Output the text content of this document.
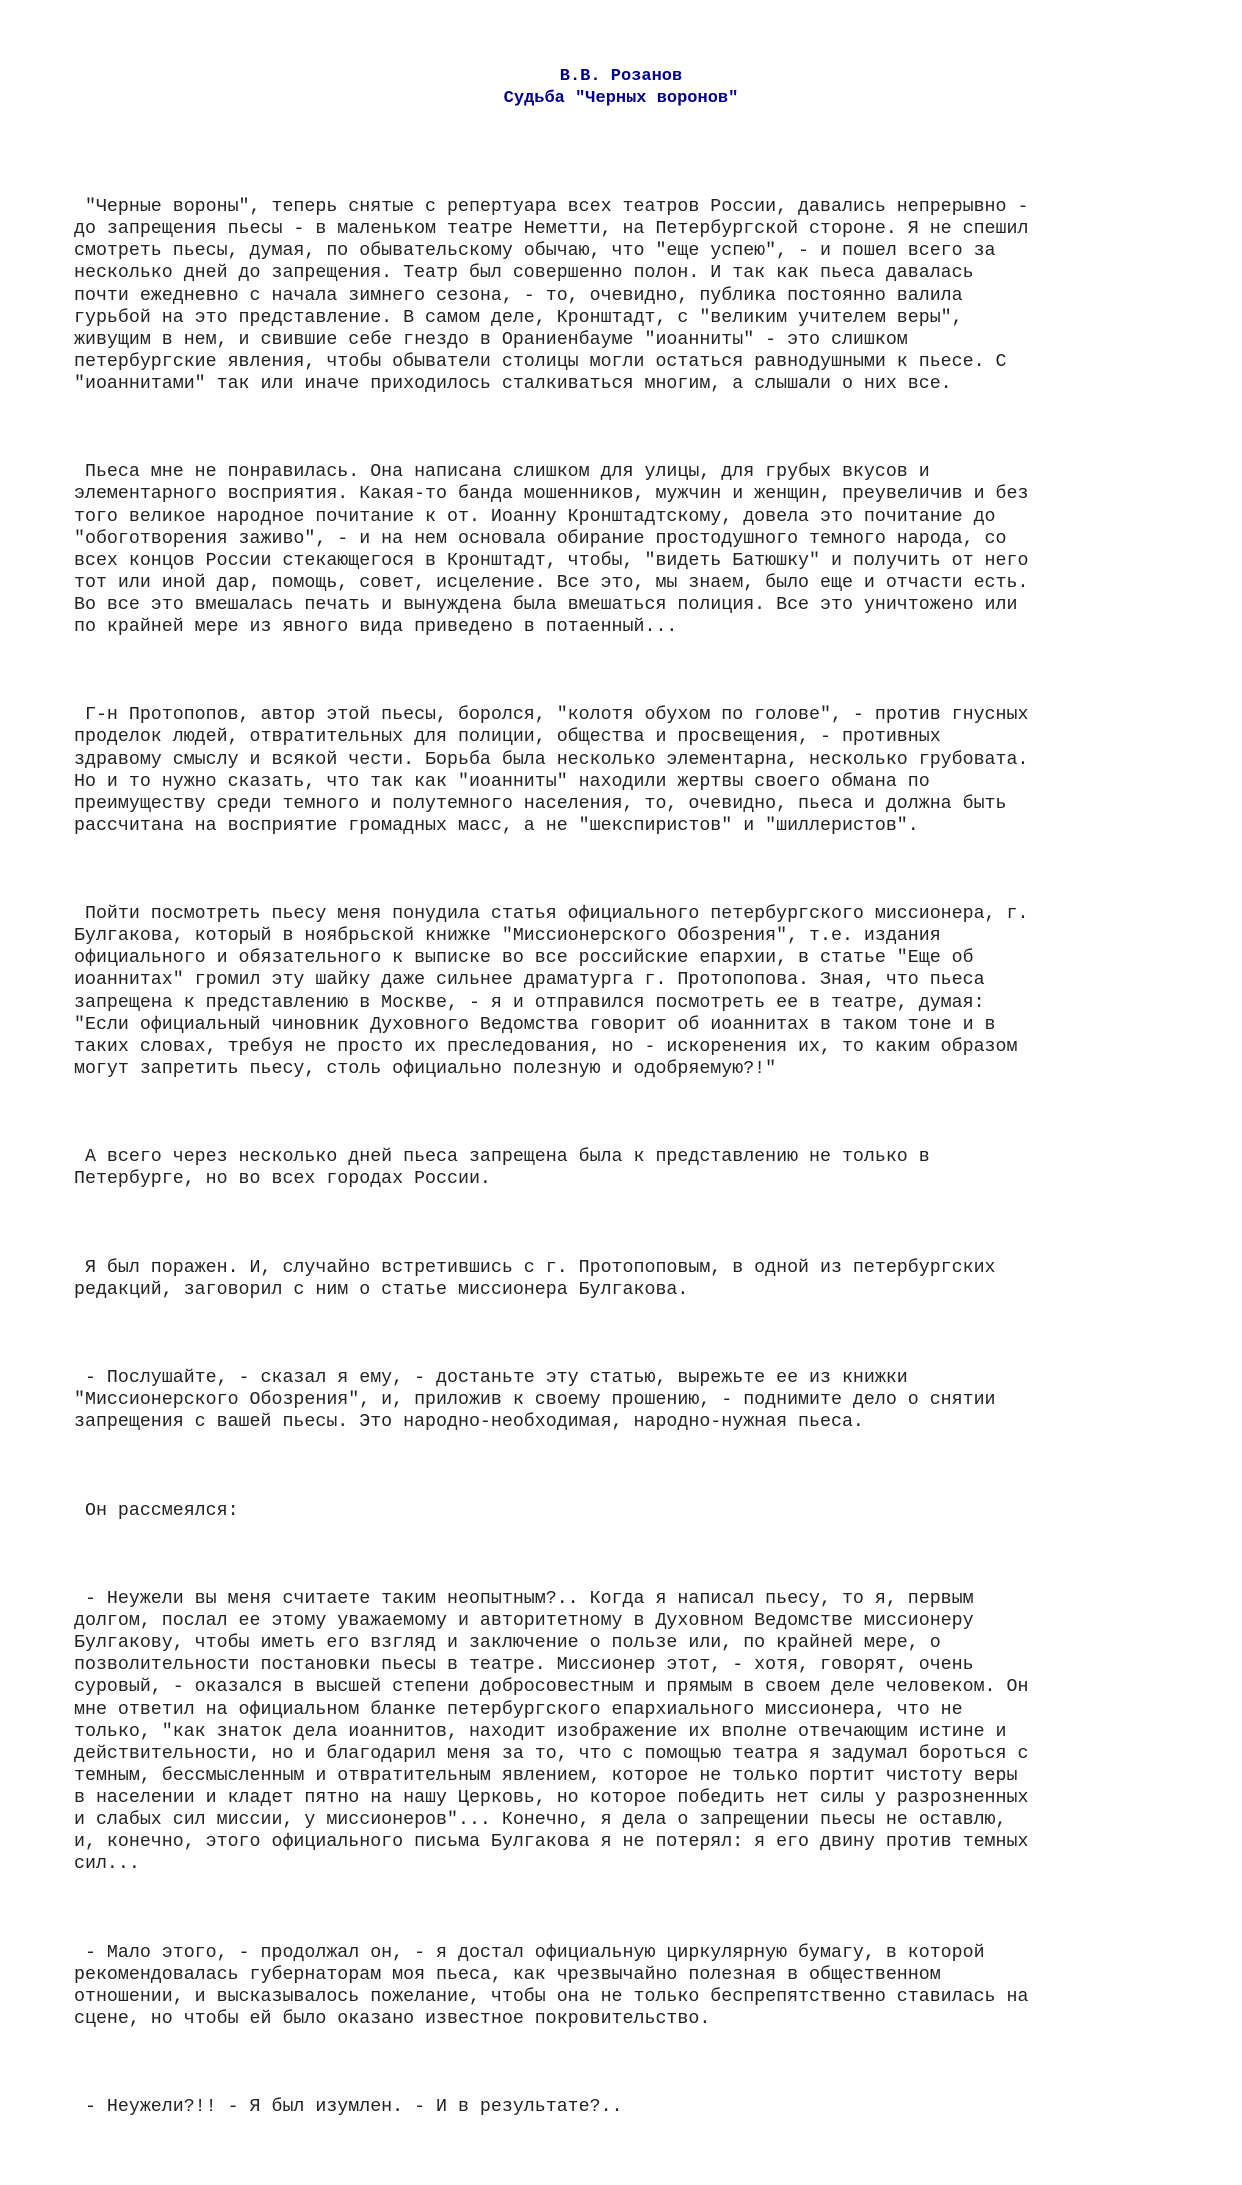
В.В. Розанов
Судьба "Черных воронов"

"Черные вороны", теперь снятые с репертуара всех театров России, давались непрерывно -
до запрещения пьесы - в маленьком театре Неметти, на Петербургской стороне. Я не спешил
смотреть пьесы, думая, по обывательскому обычаю, что "еще успею", - и пошел всего за
несколько дней до запрещения. Театр был совершенно полон. И так как пьеса давалась
почти ежедневно с начала зимнего сезона, - то, очевидно, публика постоянно валила
гурьбой на это представление. В самом деле, Кронштадт, с "великим учителем веры",
живущим в нем, и свившие себе гнездо в Ораниенбауме "иоанниты" - это слишком
петербургские явления, чтобы обыватели столицы могли остаться равнодушными к пьесе. С
"иоаннитами" так или иначе приходилось сталкиваться многим, а слышали о них все.

Пьеса мне не понравилась. Она написана слишком для улицы, для грубых вкусов и
элементарного восприятия. Какая-то банда мошенников, мужчин и женщин, преувеличив и без
того великое народное почитание к от. Иоанну Кронштадтскому, довела это почитание до
"обоготворения заживо", - и на нем основала обирание простодушного темного народа, со
всех концов России стекающегося в Кронштадт, чтобы, "видеть Батюшку" и получить от него
тот или иной дар, помощь, совет, исцеление. Все это, мы знаем, было еще и отчасти есть.
Во все это вмешалась печать и вынуждена была вмешаться полиция. Все это уничтожено или
по крайней мере из явного вида приведено в потаенный...

Г-н Протопопов, автор этой пьесы, боролся, "колотя обухом по голове", - против гнусных
проделок людей, отвратительных для полиции, общества и просвещения, - противных
здравому смыслу и всякой чести. Борьба была несколько элементарна, несколько грубовата.
Но и то нужно сказать, что так как "иоанниты" находили жертвы своего обмана по
преимуществу среди темного и полутемного населения, то, очевидно, пьеса и должна быть
рассчитана на восприятие громадных масс, а не "шекспиристов" и "шиллеристов".

Пойти посмотреть пьесу меня понудила статья официального петербургского миссионера, г.
Булгакова, который в ноябрьской книжке "Миссионерского Обозрения", т.е. издания
официального и обязательного к выписке во все российские епархии, в статье "Еще об
иоаннитах" громил эту шайку даже сильнее драматурга г. Протопопова. Зная, что пьеса
запрещена к представлению в Москве, - я и отправился посмотреть ее в театре, думая:
"Если официальный чиновник Духовного Ведомства говорит об иоаннитах в таком тоне и в
таких словах, требуя не просто их преследования, но - искоренения их, то каким образом
могут запретить пьесу, столь официально полезную и одобряемую?!"

А всего через несколько дней пьеса запрещена была к представлению не только в
Петербурге, но во всех городах России.

Я был поражен. И, случайно встретившись с г. Протопоповым, в одной из петербургских
редакций, заговорил с ним о статье миссионера Булгакова.

- Послушайте, - сказал я ему, - достаньте эту статью, вырежьте ее из книжки
"Миссионерского Обозрения", и, приложив к своему прошению, - поднимите дело о снятии
запрещения с вашей пьесы. Это народно-необходимая, народно-нужная пьеса.

Он рассмеялся:

- Неужели вы меня считаете таким неопытным?.. Когда я написал пьесу, то я, первым
долгом, послал ее этому уважаемому и авторитетному в Духовном Ведомстве миссионеру
Булгакову, чтобы иметь его взгляд и заключение о пользе или, по крайней мере, о
позволительности постановки пьесы в театре. Миссионер этот, - хотя, говорят, очень
суровый, - оказался в высшей степени добросовестным и прямым в своем деле человеком. Он
мне ответил на официальном бланке петербургского епархиального миссионера, что не
только, "как знаток дела иоаннитов, находит изображение их вполне отвечающим истине и
действительности, но и благодарил меня за то, что с помощью театра я задумал бороться с
темным, бессмысленным и отвратительным явлением, которое не только портит чистоту веры
в населении и кладет пятно на нашу Церковь, но которое победить нет силы у разрозненных
и слабых сил миссии, у миссионеров"... Конечно, я дела о запрещении пьесы не оставлю,
и, конечно, этого официального письма Булгакова я не потерял: я его двину против темных
сил...

- Мало этого, - продолжал он, - я достал официальную циркулярную бумагу, в которой
рекомендовалась губернаторам моя пьеса, как чрезвычайно полезная в общественном
отношении, и высказывалось пожелание, чтобы она не только беспрепятственно ставилась на
сцене, но чтобы ей было оказано известное покровительство.

- Неужели?!! - Я был изумлен. - И в результате?..
